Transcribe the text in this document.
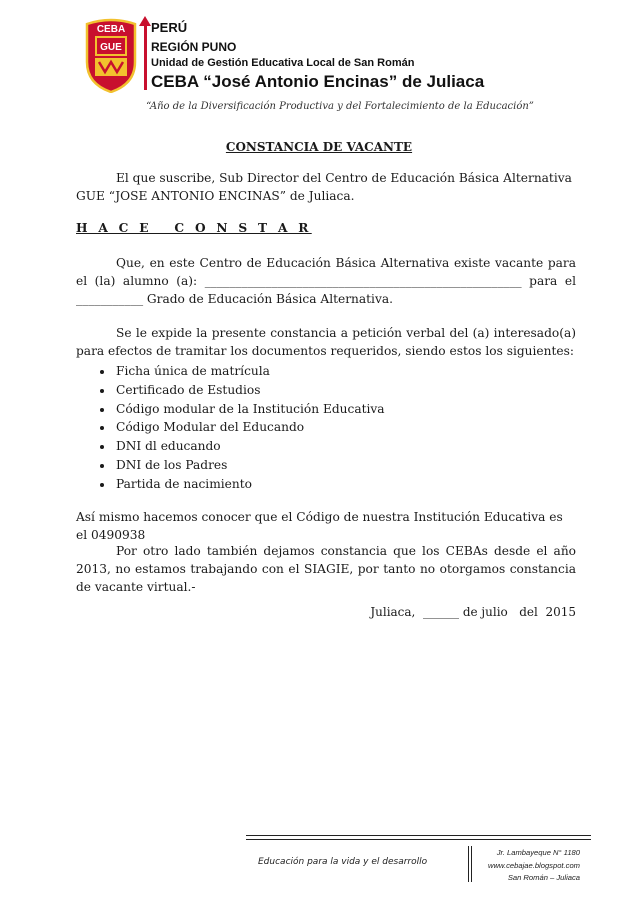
CEBA
GUE
PERÚ
REGIÓN PUNO
Unidad de Gestión Educativa Local de San Román
CEBA “José Antonio Encinas” de Juliaca
“Año de la Diversificación Productiva y del Fortalecimiento de la Educación”
CONSTANCIA DE VACANTE
El que suscribe, Sub Director del Centro de Educación Básica Alternativa GUE “JOSE ANTONIO ENCINAS” de Juliaca.
H A C E   C O N S T A R
Que, en este Centro de Educación Básica Alternativa existe vacante para el (la) alumno (a): ____________________________________________________ para el ___________ Grado de Educación Básica Alternativa.
Se le expide la presente constancia a petición verbal del (a) interesado(a) para efectos de tramitar los documentos requeridos, siendo estos los siguientes:
• Ficha única de matrícula
• Certificado de Estudios
• Código modular de la Institución Educativa
• Código Modular del Educando
• DNI dl educando
• DNI de los Padres
• Partida de nacimiento
Así mismo hacemos conocer que el Código de nuestra Institución Educativa es el 0490938
Por otro lado también dejamos constancia que los CEBAs desde el año 2013, no estamos trabajando con el SIAGIE, por tanto no otorgamos constancia de vacante virtual.-
Juliaca,  ______ de julio   del  2015
Educación para la vida y el desarrollo
Jr. Lambayeque N° 1180
www.cebajae.blogspot.com
San Román – Juliaca
